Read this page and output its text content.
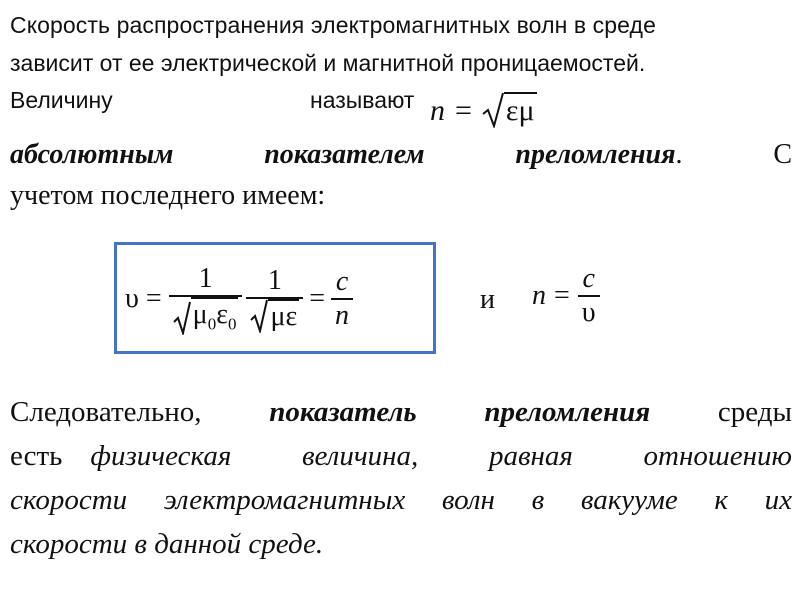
Скорость распространения электромагнитных волн в среде
зависит от ее электрической и магнитной проницаемостей.
Величину	называют n = εμ
абсолютным	показателем	преломления. С
учетом последнего имеем:
$\upsilon = \frac{1}{\mu_0\varepsilon_0} \frac{1}{\mu\varepsilon} = \frac{c}{n}$	и $n = \frac{c}{\upsilon}$
Следовательно, показатель преломления среды
есть физическая величина, равная отношению
скорости электромагнитных волн в вакууме к их
скорости в данной среде.
